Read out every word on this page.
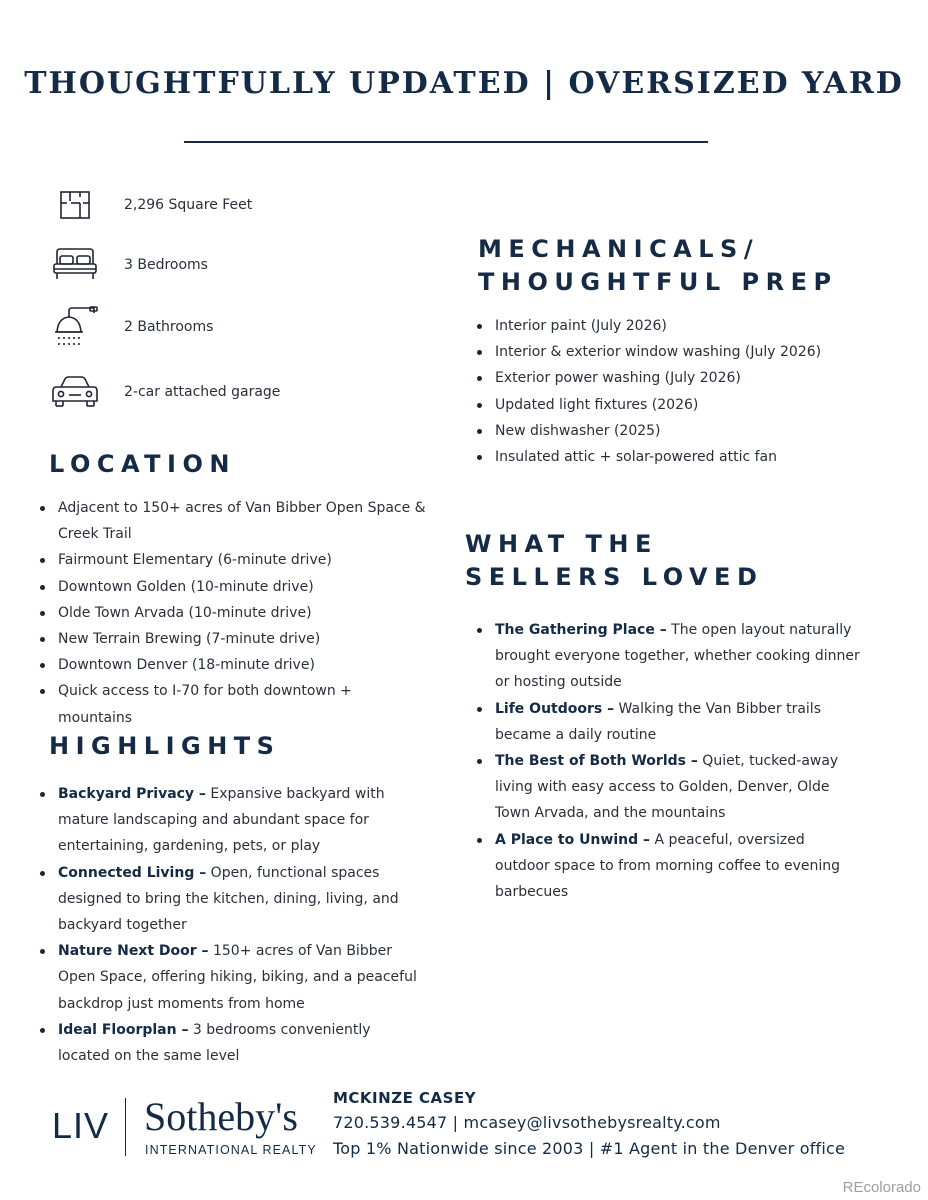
THOUGHTFULLY UPDATED | OVERSIZED YARD
2,296 Square Feet
3 Bedrooms
2 Bathrooms
2-car attached garage
LOCATION
Adjacent to 150+ acres of Van Bibber Open Space & Creek Trail
Fairmount Elementary (6-minute drive)
Downtown Golden (10-minute drive)
Olde Town Arvada (10-minute drive)
New Terrain Brewing (7-minute drive)
Downtown Denver (18-minute drive)
Quick access to I-70 for both downtown + mountains
HIGHLIGHTS
Backyard Privacy – Expansive backyard with mature landscaping and abundant space for entertaining, gardening, pets, or play
Connected Living – Open, functional spaces designed to bring the kitchen, dining, living, and backyard together
Nature Next Door – 150+ acres of Van Bibber Open Space, offering hiking, biking, and a peaceful backdrop just moments from home
Ideal Floorplan – 3 bedrooms conveniently located on the same level
MECHANICALS/
THOUGHTFUL PREP
Interior paint (July 2026)
Interior & exterior window washing (July 2026)
Exterior power washing (July 2026)
Updated light fixtures (2026)
New dishwasher (2025)
Insulated attic + solar-powered attic fan
WHAT THE
SELLERS LOVED
The Gathering Place – The open layout naturally brought everyone together, whether cooking dinner or hosting outside
Life Outdoors – Walking the Van Bibber trails became a daily routine
The Best of Both Worlds – Quiet, tucked-away living with easy access to Golden, Denver, Olde Town Arvada, and the mountains
A Place to Unwind – A peaceful, oversized outdoor space to from morning coffee to evening barbecues
LIV Sotheby's
INTERNATIONAL REALTY
MCKINZE CASEY
720.539.4547 | mcasey@livsothebysrealty.com
Top 1% Nationwide since 2003 | #1 Agent in the Denver office
REcolorado
